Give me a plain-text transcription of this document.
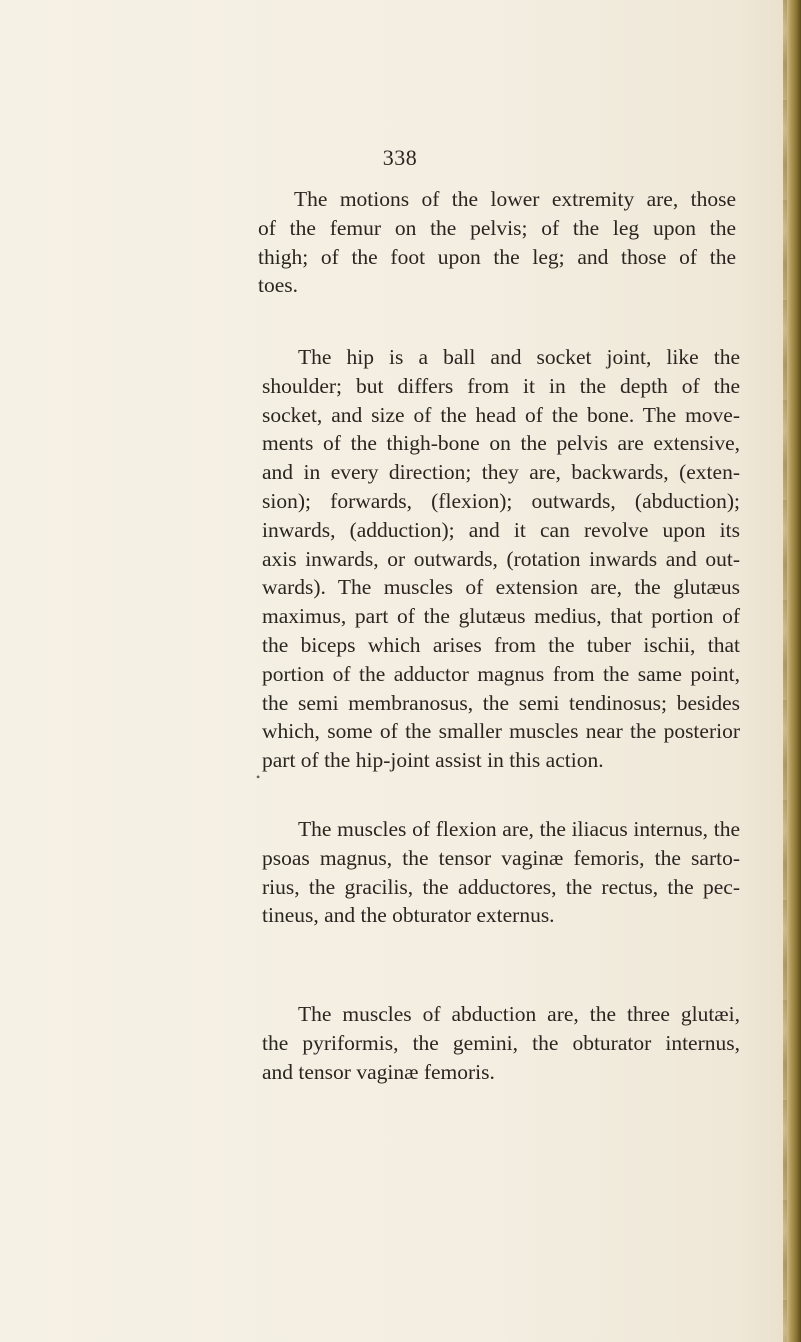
338
The motions of the lower extremity are, those
of the femur on the pelvis; of the leg upon the
thigh; of the foot upon the leg; and those of the
toes.
The hip is a ball and socket joint, like the
shoulder; but differs from it in the depth of the
socket, and size of the head of the bone. The move-
ments of the thigh-bone on the pelvis are extensive,
and in every direction; they are, backwards, (exten-
sion); forwards, (flexion); outwards, (abduction);
inwards, (adduction); and it can revolve upon its
axis inwards, or outwards, (rotation inwards and out-
wards). The muscles of extension are, the glutæus
maximus, part of the glutæus medius, that portion of
the biceps which arises from the tuber ischii, that
portion of the adductor magnus from the same point,
the semi membranosus, the semi tendinosus; besides
which, some of the smaller muscles near the posterior
part of the hip-joint assist in this action.
The muscles of flexion are, the iliacus internus, the
psoas magnus, the tensor vaginæ femoris, the sarto-
rius, the gracilis, the adductores, the rectus, the pec-
tineus, and the obturator externus.
The muscles of abduction are, the three glutæi,
the pyriformis, the gemini, the obturator internus,
and tensor vaginæ femoris.
•
